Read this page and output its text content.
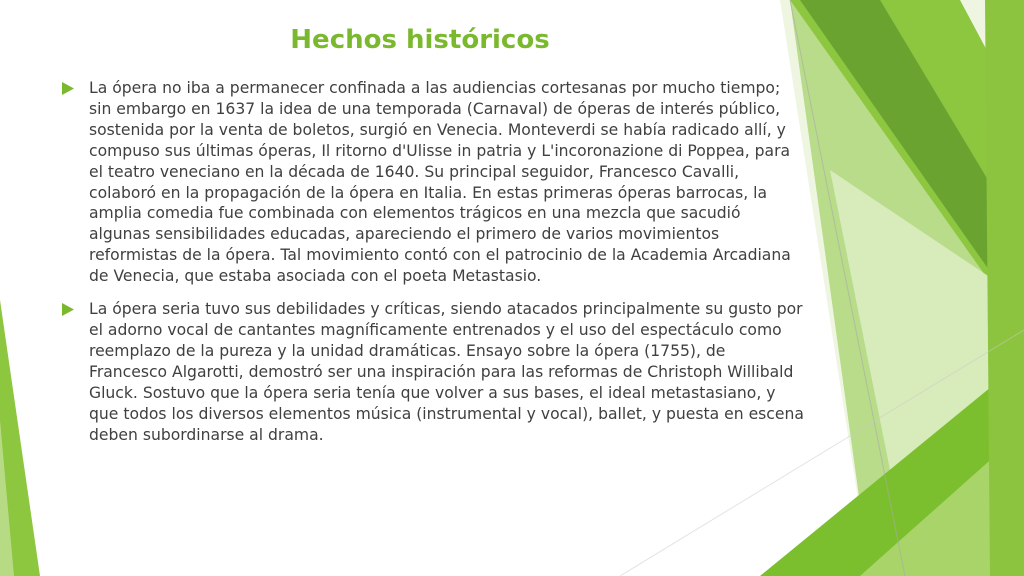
Hechos históricos

La ópera no iba a permanecer confinada a las audiencias cortesanas por mucho tiempo; sin embargo en 1637 la idea de una temporada (Carnaval) de óperas de interés público, sostenida por la venta de boletos, surgió en Venecia. Monteverdi se había radicado allí, y compuso sus últimas óperas, Il ritorno d'Ulisse in patria y L'incoronazione di Poppea, para el teatro veneciano en la década de 1640. Su principal seguidor, Francesco Cavalli, colaboró en la propagación de la ópera en Italia. En estas primeras óperas barrocas, la amplia comedia fue combinada con elementos trágicos en una mezcla que sacudió algunas sensibilidades educadas, apareciendo el primero de varios movimientos reformistas de la ópera. Tal movimiento contó con el patrocinio de la Academia Arcadiana de Venecia, que estaba asociada con el poeta Metastasio.

La ópera seria tuvo sus debilidades y críticas, siendo atacados principalmente su gusto por el adorno vocal de cantantes magníficamente entrenados y el uso del espectáculo como reemplazo de la pureza y la unidad dramáticas. Ensayo sobre la ópera (1755), de Francesco Algarotti, demostró ser una inspiración para las reformas de Christoph Willibald Gluck. Sostuvo que la ópera seria tenía que volver a sus bases, el ideal metastasiano, y que todos los diversos elementos música (instrumental y vocal), ballet, y puesta en escena deben subordinarse al drama.
